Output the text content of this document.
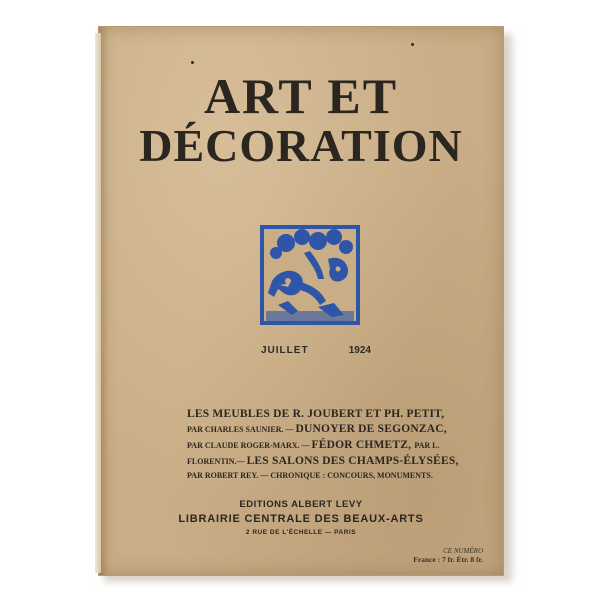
ART ET
DÉCORATION
JUILLET	1924
LES MEUBLES DE R. JOUBERT ET PH. PETIT,
PAR CHARLES SAUNIER. — DUNOYER DE SEGONZAC,
PAR CLAUDE ROGER-MARX. — FÉDOR CHMETZ, PAR L.
FLORENTIN.— LES SALONS DES CHAMPS-ÉLYSÉES,
PAR ROBERT REY. — CHRONIQUE : CONCOURS, MONUMENTS.
EDITIONS ALBERT LEVY
LIBRAIRIE CENTRALE DES BEAUX-ARTS
2 RUE DE L'ÉCHELLE — PARIS
CE NUMÉRO
France : 7 fr. Étr. 8 fr.
